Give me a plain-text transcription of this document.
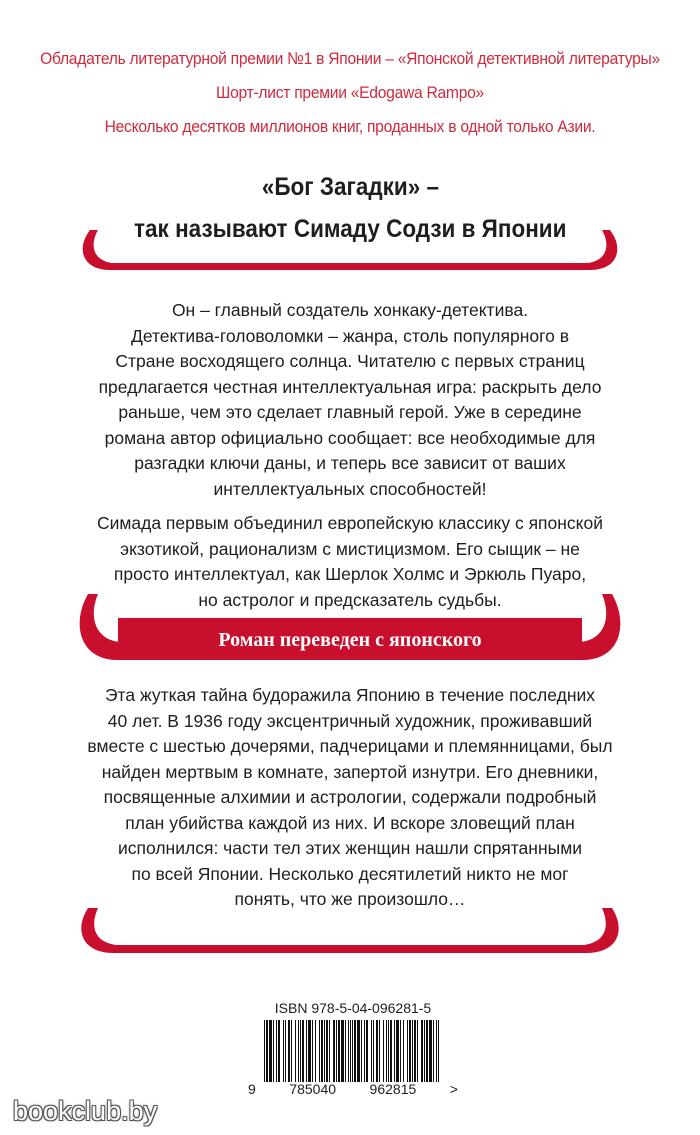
Обладатель литературной премии №1 в Японии – «Японской детективной литературы»
Шорт-лист премии «Edogawa Rampo»
Несколько десятков миллионов книг, проданных в одной только Азии.
«Бог Загадки» –
так называют Симаду Содзи в Японии
Он – главный создатель хонкаку-детектива.
Детектива-головоломки – жанра, столь популярного в
Стране восходящего солнца. Читателю с первых страниц
предлагается честная интеллектуальная игра: раскрыть дело
раньше, чем это сделает главный герой. Уже в середине
романа автор официально сообщает: все необходимые для
разгадки ключи даны, и теперь все зависит от ваших
интеллектуальных способностей!
Симада первым объединил европейскую классику с японской
экзотикой, рационализм с мистицизмом. Его сыщик – не
просто интеллектуал, как Шерлок Холмс и Эркюль Пуаро,
но астролог и предсказатель судьбы.
Роман переведен с японского
Эта жуткая тайна будоражила Японию в течение последних
40 лет. В 1936 году эксцентричный художник, проживавший
вместе с шестью дочерями, падчерицами и племянницами, был
найден мертвым в комнате, запертой изнутри. Его дневники,
посвященные алхимии и астрологии, содержали подробный
план убийства каждой из них. И вскоре зловещий план
исполнился: части тел этих женщин нашли спрятанными
по всей Японии. Несколько десятилетий никто не мог
понять, что же произошло…
ISBN 978-5-04-096281-5
9 785040 962815 >
bookclub.by
